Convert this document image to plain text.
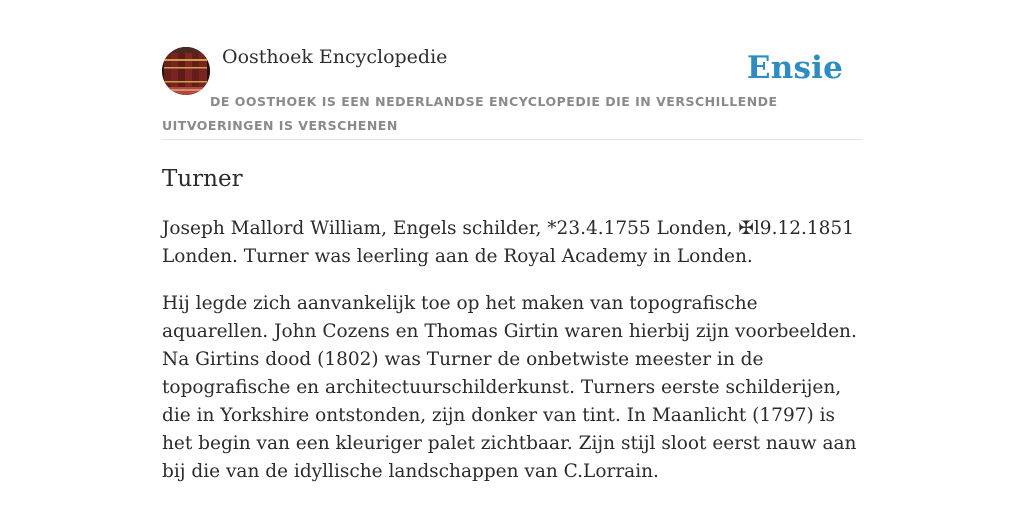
Oosthoek Encyclopedie	Ensie
DE OOSTHOEK IS EEN NEDERLANDSE ENCYCLOPEDIE DIE IN VERSCHILLENDE UITVOERINGEN IS VERSCHENEN
Turner

Joseph Mallord William, Engels schilder, *23.4.1755 Londen, ✠l9.12.1851 Londen. Turner was leerling aan de Royal Academy in Londen.

Hij legde zich aanvankelijk toe op het maken van topografische aquarellen. John Cozens en Thomas Girtin waren hierbij zijn voorbeelden. Na Girtins dood (1802) was Turner de onbetwiste meester in de topografische en architectuurschilderkunst. Turners eerste schilderijen, die in Yorkshire ontstonden, zijn donker van tint. In Maanlicht (1797) is het begin van een kleuriger palet zichtbaar. Zijn stijl sloot eerst nauw aan bij die van de idyllische landschappen van C.Lorrain.
